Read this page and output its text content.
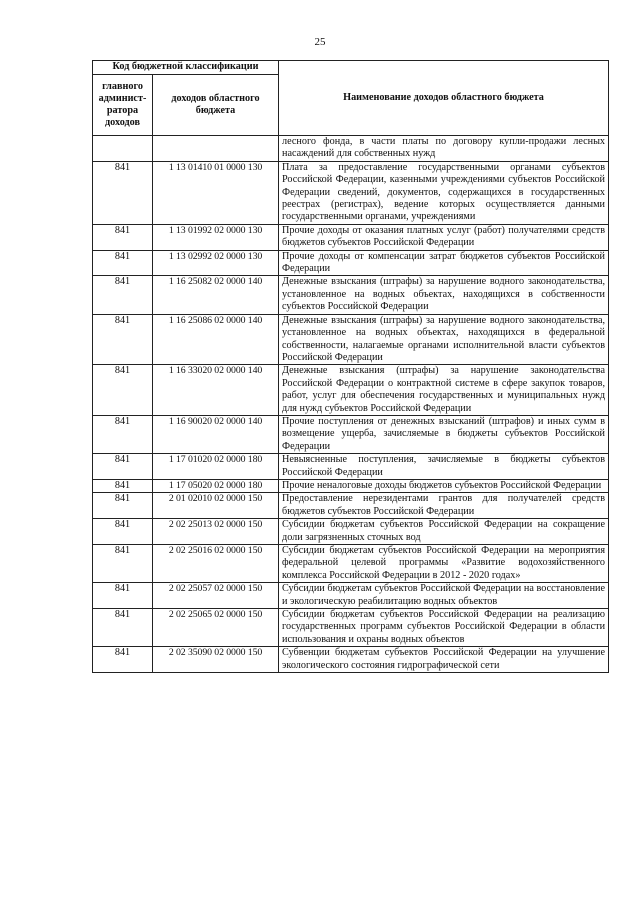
25
Код бюджетной классификации		Наименование доходов областного бюджета
главного админист-ратора доходов	доходов областного бюджета	
		лесного фонда, в части платы по договору купли-продажи лесных насаждений для собственных нужд
841	1 13 01410 01 0000 130	Плата за предоставление государственными органами субъектов Российской Федерации, казенными учреждениями субъектов Российской Федерации сведений, документов, содержащихся в государственных реестрах (регистрах), ведение которых осуществляется данными государственными органами, учреждениями
841	1 13 01992 02 0000 130	Прочие доходы от оказания платных услуг (работ) получателями средств бюджетов субъектов Российской Федерации
841	1 13 02992 02 0000 130	Прочие доходы от компенсации затрат бюджетов субъектов Российской Федерации
841	1 16 25082 02 0000 140	Денежные взыскания (штрафы) за нарушение водного законодательства, установленное на водных объектах, находящихся в собственности субъектов Российской Федерации
841	1 16 25086 02 0000 140	Денежные взыскания (штрафы) за нарушение водного законодательства, установленное на водных объектах, находящихся в федеральной собственности, налагаемые органами исполнительной власти субъектов Российской Федерации
841	1 16 33020 02 0000 140	Денежные взыскания (штрафы) за нарушение законодательства Российской Федерации о контрактной системе в сфере закупок товаров, работ, услуг для обеспечения государственных и муниципальных нужд для нужд субъектов Российской Федерации
841	1 16 90020 02 0000 140	Прочие поступления от денежных взысканий (штрафов) и иных сумм в возмещение ущерба, зачисляемые в бюджеты субъектов Российской Федерации
841	1 17 01020 02 0000 180	Невыясненные поступления, зачисляемые в бюджеты субъектов Российской Федерации
841	1 17 05020 02 0000 180	Прочие неналоговые доходы бюджетов субъектов Российской Федерации
841	2 01 02010 02 0000 150	Предоставление нерезидентами грантов для получателей средств бюджетов субъектов Российской Федерации
841	2 02 25013 02 0000 150	Субсидии бюджетам субъектов Российской Федерации на сокращение доли загрязненных сточных вод
841	2 02 25016 02 0000 150	Субсидии бюджетам субъектов Российской Федерации на мероприятия федеральной целевой программы «Развитие водохозяйственного комплекса Российской Федерации в 2012 - 2020 годах»
841	2 02 25057 02 0000 150	Субсидии бюджетам субъектов Российской Федерации на восстановление и экологическую реабилитацию водных объектов
841	2 02 25065 02 0000 150	Субсидии бюджетам субъектов Российской Федерации на реализацию государственных программ субъектов Российской Федерации в области использования и охраны водных объектов
841	2 02 35090 02 0000 150	Субвенции бюджетам субъектов Российской Федерации на улучшение экологического состояния гидрографической сети
